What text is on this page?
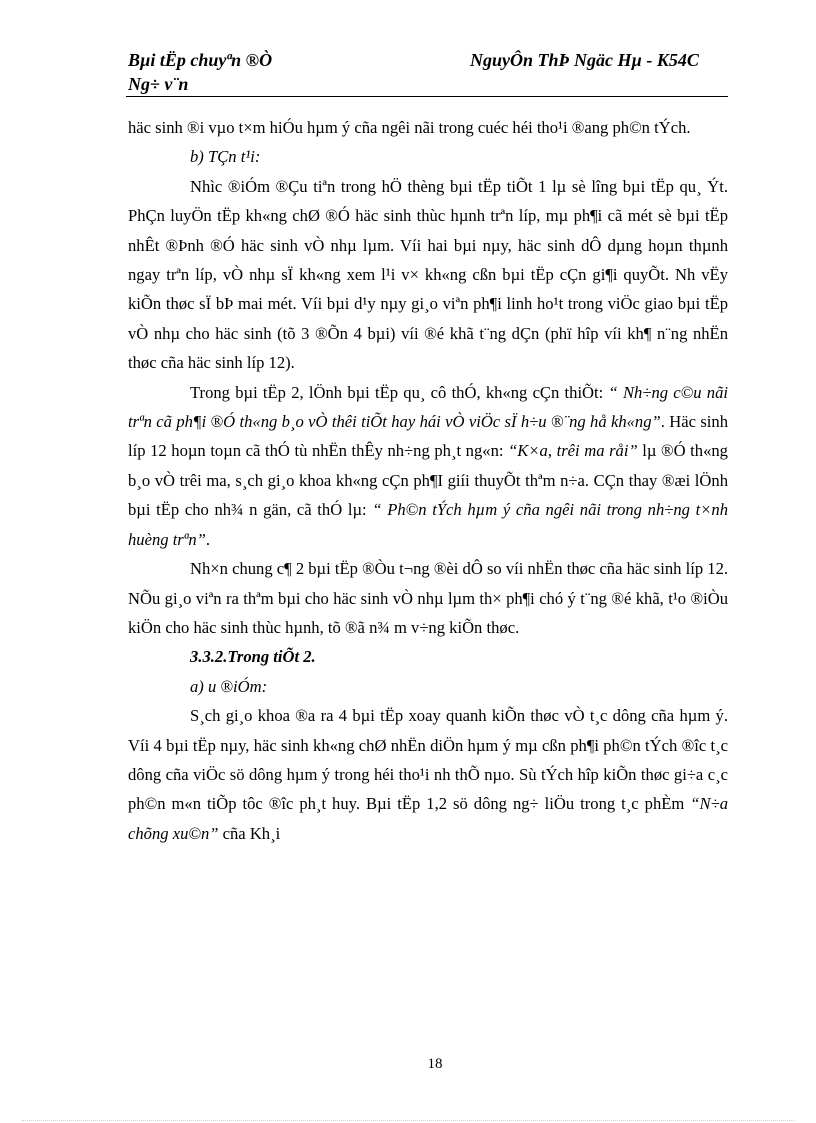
Bµi tËp chuyªn ®Ò
Ng÷ v¨n
NguyÔn ThÞ Ngäc Hµ - K54C

häc sinh ®i vµo t×m hiÓu hµm ý cña ngêi nãi trong cuéc héi tho¹i ®ang ph©n tÝch.

b) TÇn t¹i:

Nhìc ®iÓm ®Çu tiªn trong hÖ thèng bµi tËp tiÕt 1 lµ sè lîng bµi tËp qu¸ Ýt. PhÇn luyÖn tËp kh«ng chØ ®Ó häc sinh thùc hµnh trªn líp, mµ ph¶i cã mét sè bµi tËp nhÊt ®Þnh ®Ó häc sinh vÒ nhµ lµm. Víi hai bµi nµy, häc sinh dÔ dµng hoµn thµnh ngay trªn líp, vÒ nhµ sÏ kh«ng xem l¹i v× kh«ng cßn bµi tËp cÇn gi¶i quyÕt. Nh vËy kiÕn thøc sÏ bÞ mai mét. Víi bµi d¹y nµy gi¸o viªn ph¶i linh ho¹t trong viÖc giao bµi tËp vÒ nhµ cho häc sinh (tõ 3 ®Õn 4 bµi) víi ®é khã t¨ng dÇn (phï hîp víi kh¶ n¨ng nhËn thøc cña häc sinh líp 12).

Trong bµi tËp 2, lÖnh bµi tËp qu¸ cô thÓ, kh«ng cÇn thiÕt: “ Nh÷ng c©u nãi trªn cã ph¶i ®Ó th«ng b¸o vÒ thêi tiÕt hay hái vÒ viÖc sÏ h÷u ®¨ng hå kh«ng”. Häc sinh líp 12 hoµn toµn cã thÓ tù nhËn thÊy nh÷ng ph¸t ng«n: “K×a, trêi ma råi” lµ ®Ó th«ng b¸o vÒ trêi ma, s¸ch gi¸o khoa kh«ng cÇn ph¶I giíi thuyÕt thªm n÷a. CÇn thay ®æi lÖnh bµi tËp cho nh¾ n gän, cã thÓ lµ: “ Ph©n tÝch hµm ý cña ngêi nãi trong nh÷ng t×nh huèng trªn”.

Nh×n chung c¶ 2 bµi tËp ®Òu t¬ng ®èi dÔ so víi nhËn thøc cña häc sinh líp 12. NÕu gi¸o viªn ra thªm bµi cho häc sinh vÒ nhµ lµm th× ph¶i chó ý t¨ng ®é khã, t¹o ®iÒu kiÖn cho häc sinh thùc hµnh, tõ ®ã n¾ m v÷ng kiÕn thøc.

3.3.2.Trong tiÕt 2.

a) u ®iÓm:

S¸ch gi¸o khoa ®a ra 4 bµi tËp xoay quanh kiÕn thøc vÒ t¸c dông cña hµm ý. Víi 4 bµi tËp nµy, häc sinh kh«ng chØ nhËn diÖn hµm ý mµ cßn ph¶i ph©n tÝch ®îc t¸c dông cña viÖc sö dông hµm ý trong héi tho¹i nh thÕ nµo. Sù tÝch hîp kiÕn thøc gi÷a c¸c ph©n m«n tiÕp tôc ®îc ph¸t huy. Bµi tËp 1,2 sö dông ng÷ liÖu trong t¸c phÈm “N÷a chõng xu©n” cña Kh¸i

18
